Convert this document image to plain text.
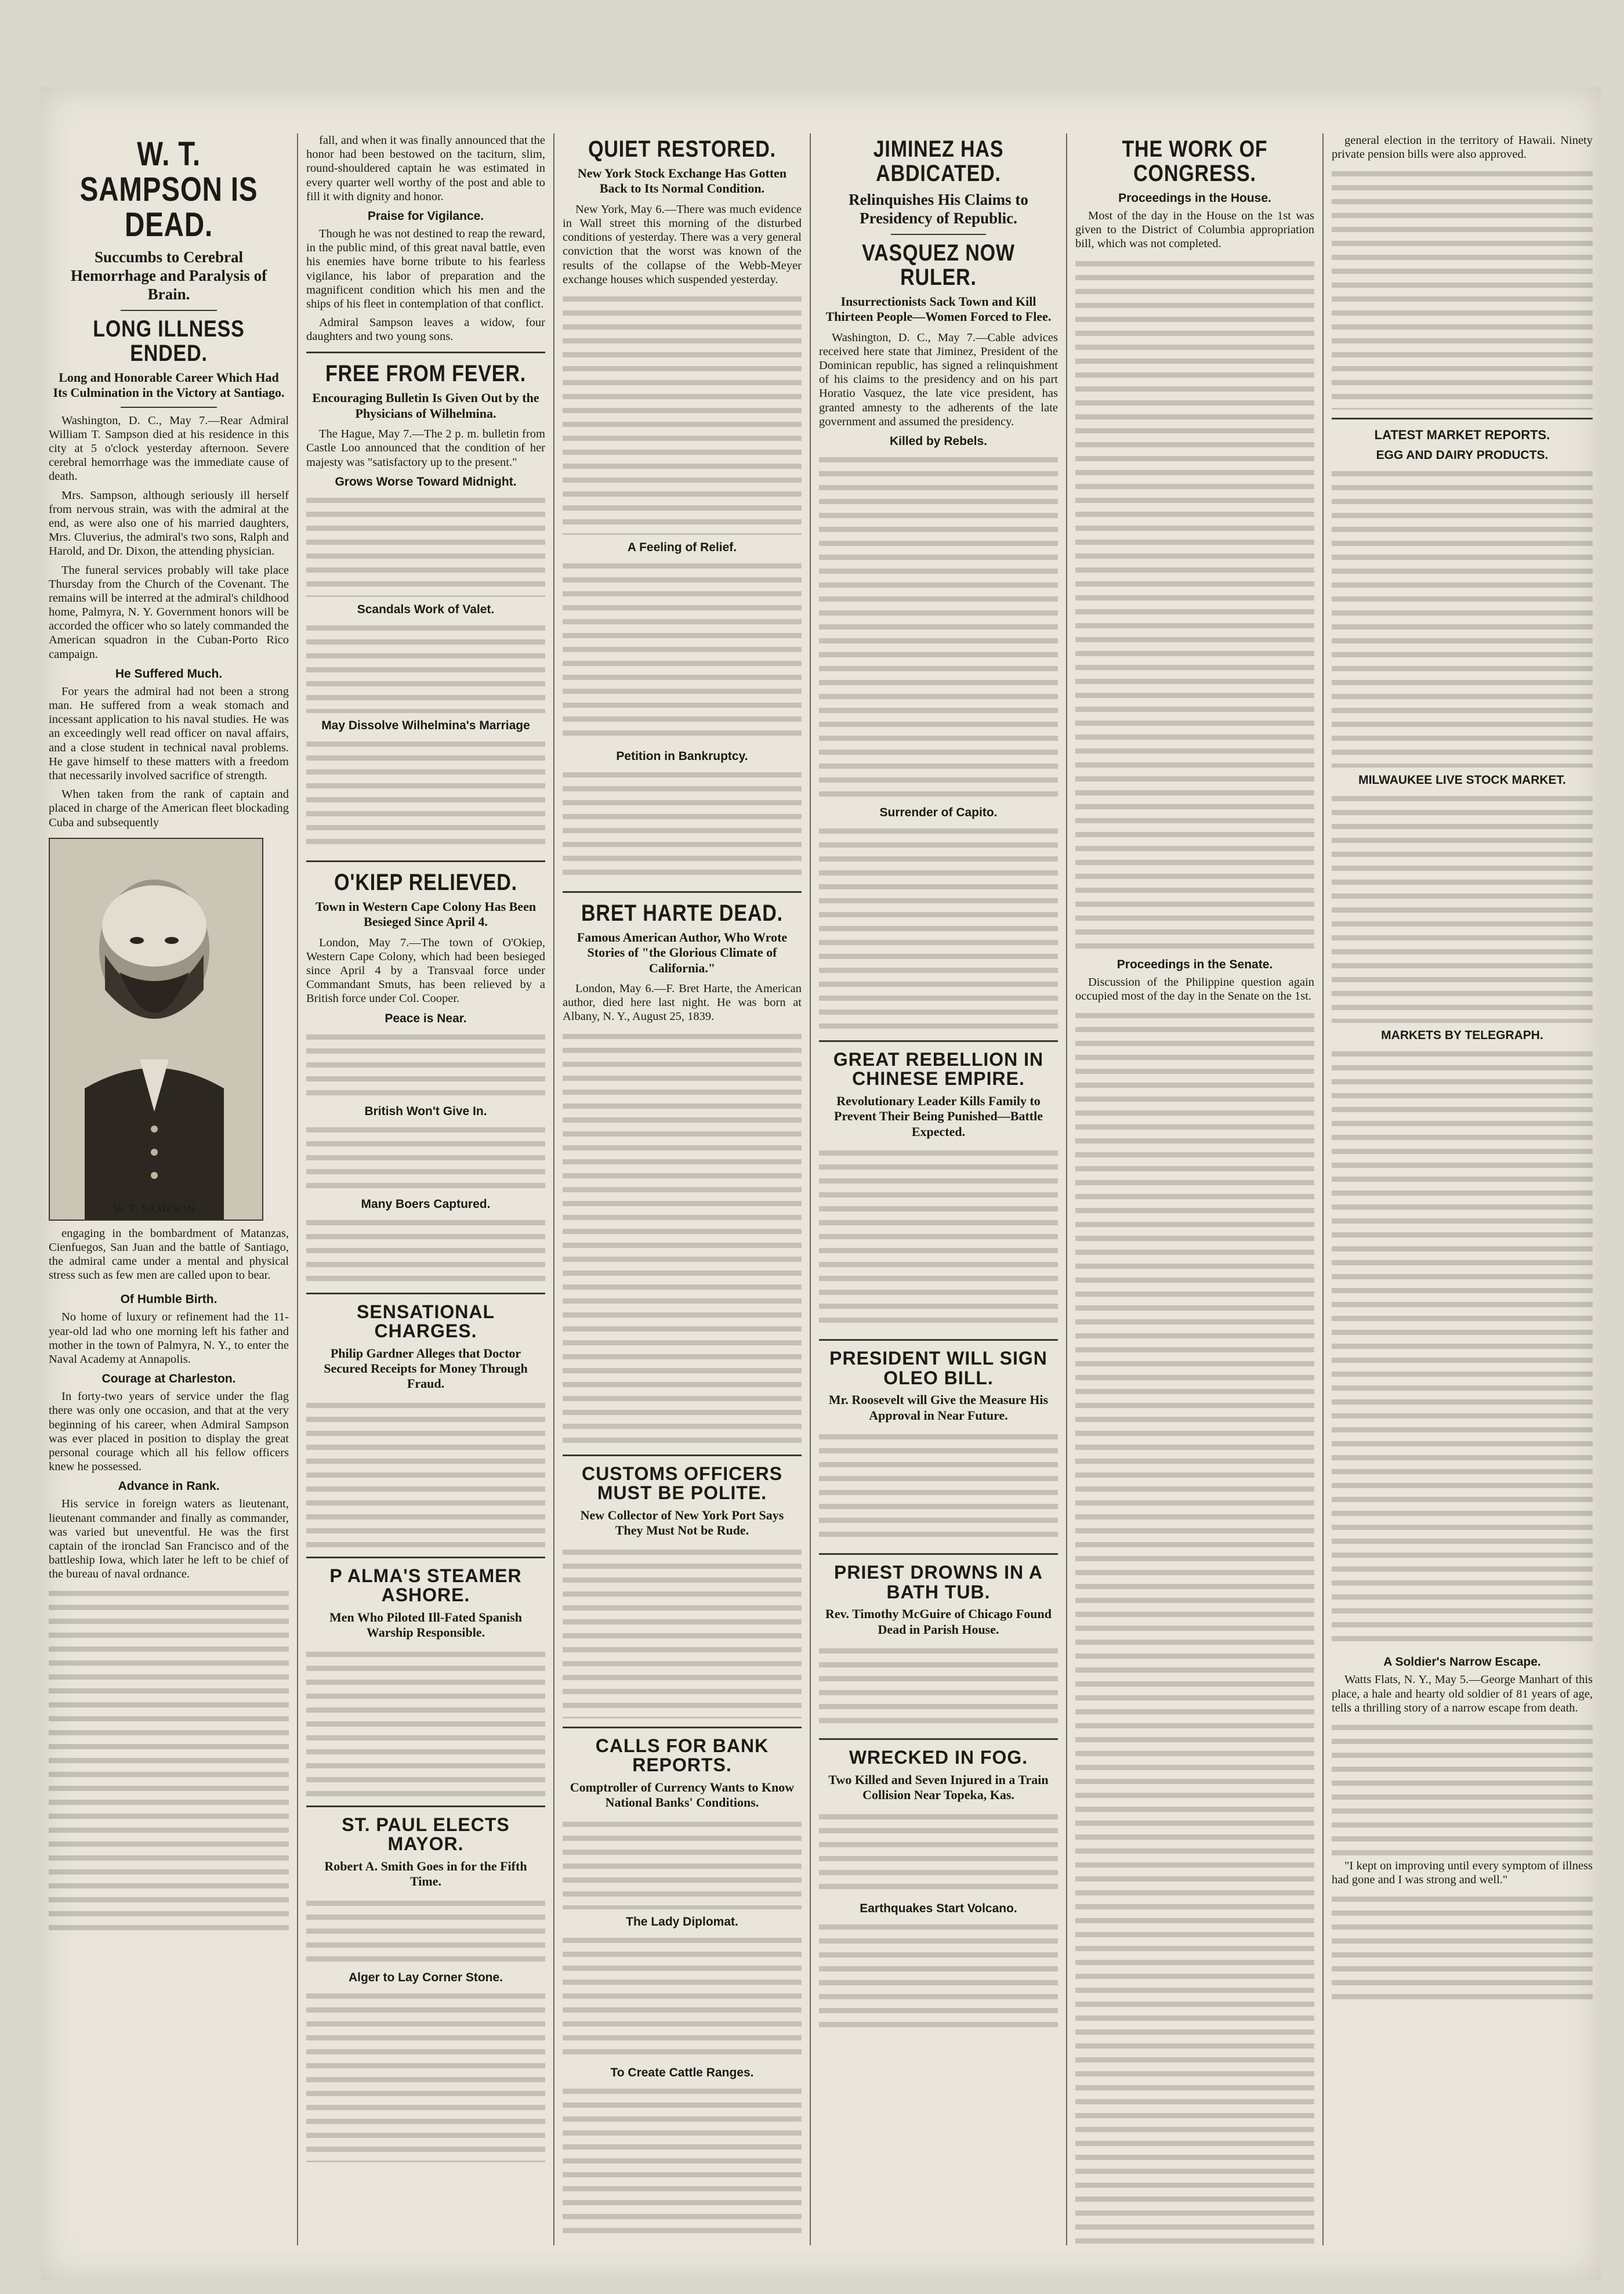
W. T. SAMPSON IS DEAD.
Succumbs to Cerebral Hemorrhage and Paralysis of Brain.
LONG ILLNESS ENDED.
Long and Honorable Career Which Had Its Culmination in the Victory at Santiago.

Washington, D. C., May 7.—Rear Admiral William T. Sampson died at his residence in this city at 5 o'clock yesterday afternoon. Severe cerebral hemorrhage was the immediate cause of death.

Mrs. Sampson, although seriously ill herself from nervous strain, was with the admiral at the end, as were also one of his married daughters, Mrs. Cluverius, the admiral's two sons, Ralph and Harold, and Dr. Dixon, the attending physician.

The funeral services probably will take place Thursday from the Church of the Covenant. The remains will be interred at the admiral's childhood home, Palmyra, N. Y. Government honors will be accorded the officer who so lately commanded the American squadron in the Cuban-Porto Rico campaign.

He Suffered Much.

For years the admiral had not been a strong man. He suffered from a weak stomach and incessant application to his naval studies. He was an exceedingly well read officer on naval affairs, and a close student in technical naval problems. He gave himself to these matters with a freedom that necessarily involved sacrifice of strength.

When taken from the rank of captain and placed in charge of the American fleet blockading Cuba and subsequently

W. T. SAMPSON.

engaging in the bombardment of Matanzas, Cienfuegos, San Juan and the battle of Santiago, the admiral came under a mental and physical stress such as few men are called upon to bear.

Of Humble Birth.

No home of luxury or refinement had the 11-year-old lad who one morning left his father and mother in the town of Palmyra, N. Y., to enter the Naval Academy at Annapolis.

Courage at Charleston.

In forty-two years of service under the flag there was only one occasion, and that at the very beginning of his career, when Admiral Sampson was ever placed in position to display the great personal courage which all his fellow officers knew he possessed.

Advance in Rank.

His service in foreign waters as lieutenant, lieutenant commander and finally as commander, was varied but uneventful. He was the first captain of the ironclad San Francisco and of the battleship Iowa, which later he left to be chief of the bureau of naval ordnance.

fall, and when it was finally announced that the honor had been bestowed on the taciturn, slim, round-shouldered captain he was estimated in every quarter well worthy of the post and able to fill it with dignity and honor.

Praise for Vigilance.

Though he was not destined to reap the reward, in the public mind, of this great naval battle, even his enemies have borne tribute to his fearless vigilance, his labor of preparation and the magnificent condition which his men and the ships of his fleet in contemplation of that conflict.

Admiral Sampson leaves a widow, four daughters and two young sons.

FREE FROM FEVER.
Encouraging Bulletin Is Given Out by the Physicians of Wilhelmina.

The Hague, May 7.—The 2 p. m. bulletin from Castle Loo announced that the condition of her majesty was "satisfactory up to the present."

Grows Worse Toward Midnight.
Scandals Work of Valet.
May Dissolve Wilhelmina's Marriage
O'KIEP RELIEVED.
Town in Western Cape Colony Has Been Besieged Since April 4.

London, May 7.—The town of O'Okiep, Western Cape Colony, which had been besieged since April 4 by a Transvaal force under Commandant Smuts, has been relieved by a British force under Col. Cooper.

Peace is Near.
British Won't Give In.
Many Boers Captured.
SENSATIONAL CHARGES.
Philip Gardner Alleges that Doctor Secured Receipts for Money Through Fraud.
P ALMA'S STEAMER ASHORE.
Men Who Piloted Ill-Fated Spanish Warship Responsible.
ST. PAUL ELECTS MAYOR.
Robert A. Smith Goes in for the Fifth Time.
Alger to Lay Corner Stone.
QUIET RESTORED.
New York Stock Exchange Has Gotten Back to Its Normal Condition.

New York, May 6.—There was much evidence in Wall street this morning of the disturbed conditions of yesterday. There was a very general conviction that the worst was known of the results of the collapse of the Webb-Meyer exchange houses which suspended yesterday.

A Feeling of Relief.
Petition in Bankruptcy.
BRET HARTE DEAD.
Famous American Author, Who Wrote Stories of "the Glorious Climate of California."

London, May 6.—F. Bret Harte, the American author, died here last night. He was born at Albany, N. Y., August 25, 1839.

CUSTOMS OFFICERS MUST BE POLITE.
New Collector of New York Port Says They Must Not be Rude.
CALLS FOR BANK REPORTS.
Comptroller of Currency Wants to Know National Banks' Conditions.
The Lady Diplomat.
To Create Cattle Ranges.
JIMINEZ HAS ABDICATED.
Relinquishes His Claims to Presidency of Republic.
VASQUEZ NOW RULER.
Insurrectionists Sack Town and Kill Thirteen People—Women Forced to Flee.

Washington, D. C., May 7.—Cable advices received here state that Jiminez, President of the Dominican republic, has signed a relinquishment of his claims to the presidency and on his part Horatio Vasquez, the late vice president, has granted amnesty to the adherents of the late government and assumed the presidency.

Killed by Rebels.
Surrender of Capito.
GREAT REBELLION IN CHINESE EMPIRE.
Revolutionary Leader Kills Family to Prevent Their Being Punished—Battle Expected.
PRESIDENT WILL SIGN OLEO BILL.
Mr. Roosevelt will Give the Measure His Approval in Near Future.
PRIEST DROWNS IN A BATH TUB.
Rev. Timothy McGuire of Chicago Found Dead in Parish House.
WRECKED IN FOG.
Two Killed and Seven Injured in a Train Collision Near Topeka, Kas.
Earthquakes Start Volcano.
THE WORK OF CONGRESS.
Proceedings in the House.

Most of the day in the House on the 1st was given to the District of Columbia appropriation bill, which was not completed.

Proceedings in the Senate.

Discussion of the Philippine question again occupied most of the day in the Senate on the 1st.

general election in the territory of Hawaii. Ninety private pension bills were also approved.

LATEST MARKET REPORTS.
EGG AND DAIRY PRODUCTS.
MILWAUKEE LIVE STOCK MARKET.
MARKETS BY TELEGRAPH.
A Soldier's Narrow Escape.

Watts Flats, N. Y., May 5.—George Manhart of this place, a hale and hearty old soldier of 81 years of age, tells a thrilling story of a narrow escape from death.

"I kept on improving until every symptom of illness had gone and I was strong and well."
